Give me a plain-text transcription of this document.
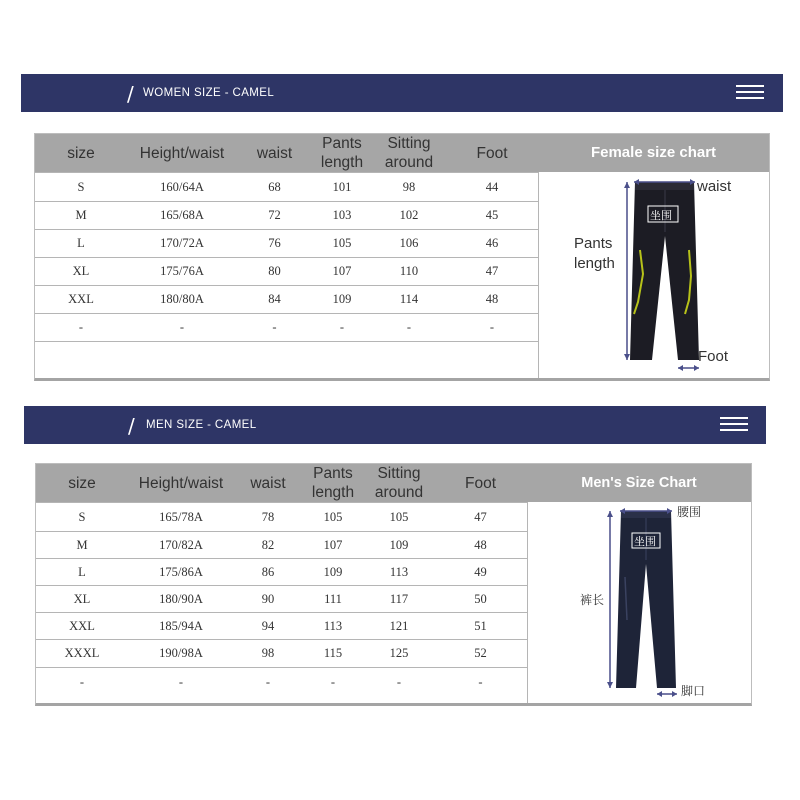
/ WOMEN SIZE - CAMEL
size	Height/waist	waist	Pants length	Sitting around	Foot
S	160/64A	68	101	98	44
M	165/68A	72	103	102	45
L	170/72A	76	105	106	46
XL	175/76A	80	107	110	47
XXL	180/80A	84	109	114	48
-	-	-	-	-	-

Female size chart
waist
坐围
Pants length
Foot
/ MEN SIZE - CAMEL
size	Height/waist	waist	Pants length	Sitting around	Foot
S	165/78A	78	105	105	47
M	170/82A	82	107	109	48
L	175/86A	86	109	113	49
XL	180/90A	90	111	117	50
XXL	185/94A	94	113	121	51
XXXL	190/98A	98	115	125	52
-	-	-	-	-	-
Men's Size Chart
腰围
坐围
裤长
脚口
